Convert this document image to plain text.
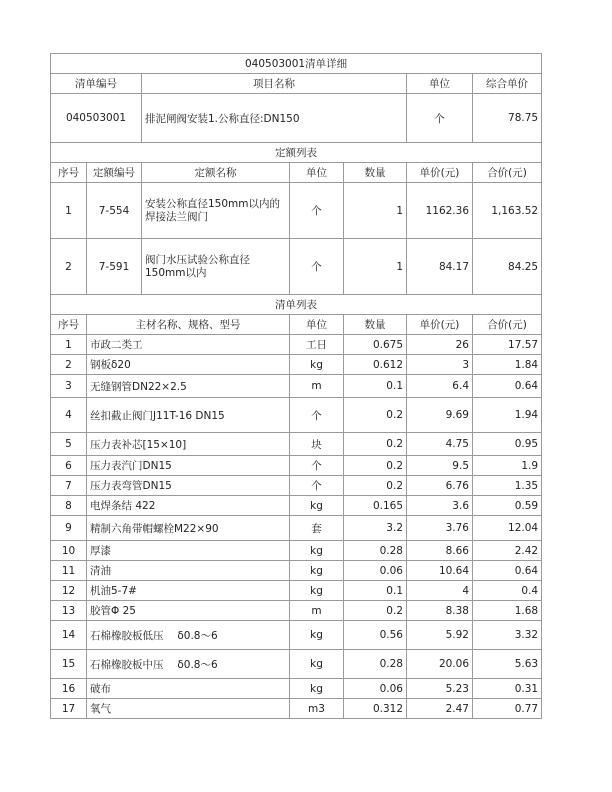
040503001清单详细						
清单编号		项目名称			单位	综合单价
040503001		排泥闸阀安装1.公称直径:DN150			个	78.75
定额列表						
序号	定额编号	定额名称	单位	数量	单价(元)	合价(元)
1	7-554	安装公称直径150mm以内的焊接法兰阀门	个	1	1162.36	1,163.52
2	7-591	阀门水压试验公称直径150mm以内	个	1	84.17	84.25
清单列表						
序号	主材名称、规格、型号		单位	数量	单价(元)	合价(元)
1	市政二类工		工日	0.675	26	17.57
2	钢板δ20		kg	0.612	3	1.84
3	无缝钢管DN22×2.5		m	0.1	6.4	0.64
4	丝扣截止阀门J11T-16 DN15		个	0.2	9.69	1.94
5	压力表补芯[15×10]		块	0.2	4.75	0.95
6	压力表汽门DN15		个	0.2	9.5	1.9
7	压力表弯管DN15		个	0.2	6.76	1.35
8	电焊条结 422		kg	0.165	3.6	0.59
9	精制六角带帽螺栓M22×90		套	3.2	3.76	12.04
10	厚漆		kg	0.28	8.66	2.42
11	清油		kg	0.06	10.64	0.64
12	机油5-7#		kg	0.1	4	0.4
13	胶管Φ 25		m	0.2	8.38	1.68
14	石棉橡胶板低压　 δ0.8～6		kg	0.56	5.92	3.32
15	石棉橡胶板中压　 δ0.8～6		kg	0.28	20.06	5.63
16	破布		kg	0.06	5.23	0.31
17	氧气		m3	0.312	2.47	0.77
